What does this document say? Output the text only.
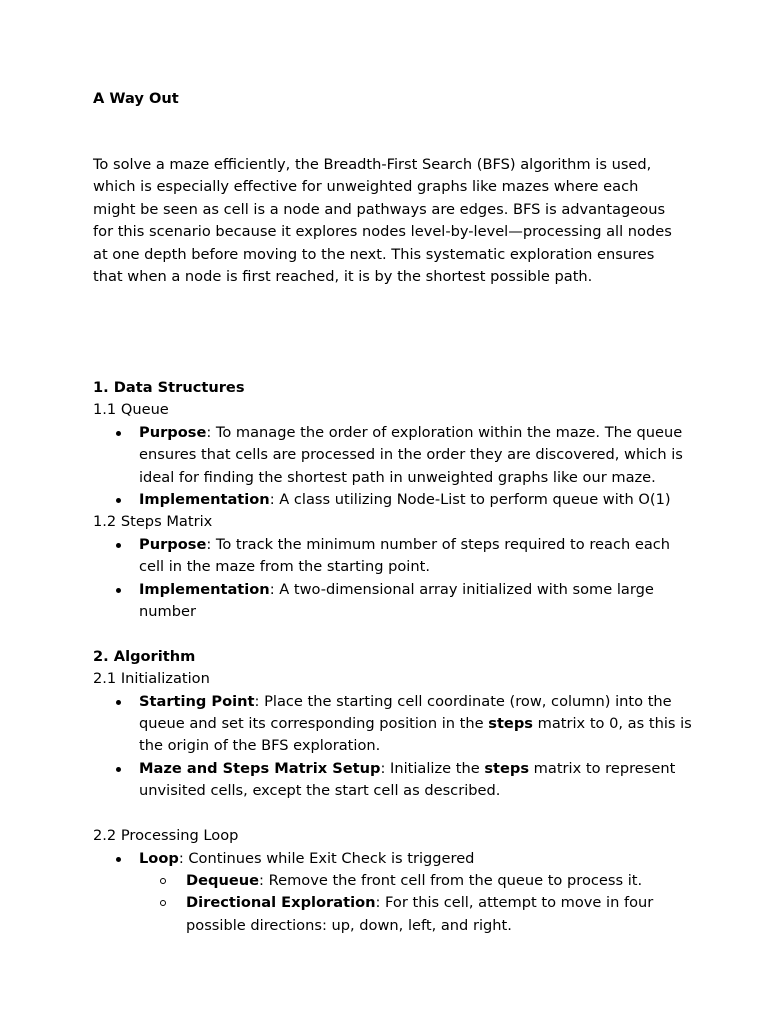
A Way Out

To solve a maze efficiently, the Breadth-First Search (BFS) algorithm is used, which is especially effective for unweighted graphs like mazes where each might be seen as cell is a node and pathways are edges. BFS is advantageous for this scenario because it explores nodes level-by-level—processing all nodes at one depth before moving to the next. This systematic exploration ensures that when a node is first reached, it is by the shortest possible path.

1. Data Structures

1.1 Queue

Purpose: To manage the order of exploration within the maze. The queue ensures that cells are processed in the order they are discovered, which is ideal for finding the shortest path in unweighted graphs like our maze.
Implementation: A class utilizing Node-List to perform queue with O(1)

1.2 Steps Matrix

Purpose: To track the minimum number of steps required to reach each cell in the maze from the starting point.
Implementation: A two-dimensional array initialized with some large number

2. Algorithm

2.1 Initialization

Starting Point: Place the starting cell coordinate (row, column) into the queue and set its corresponding position in the steps matrix to 0, as this is the origin of the BFS exploration.
Maze and Steps Matrix Setup: Initialize the steps matrix to represent unvisited cells, except the start cell as described.

2.2 Processing Loop

Loop: Continues while Exit Check is triggered
Dequeue: Remove the front cell from the queue to process it.
Directional Exploration: For this cell, attempt to move in four possible directions: up, down, left, and right.
